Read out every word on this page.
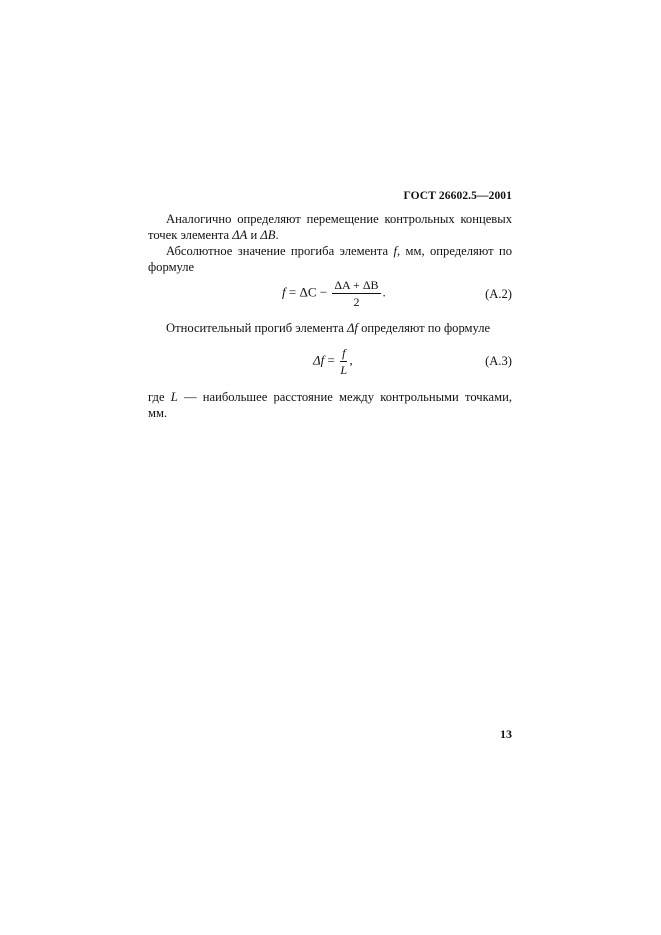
ГОСТ 26602.5—2001
Аналогично определяют перемещение контрольных концевых точек элемента ΔA и ΔB.
Абсолютное значение прогиба элемента f, мм, определяют по формуле
$f = \Delta C - \frac{\Delta A + \Delta B}{2}$ .	(А.2)
Относительный прогиб элемента Δf определяют по формуле
$\Delta f = \frac{f}{L}$ ,	(А.3)
где L — наибольшее расстояние между контрольными точками, мм.
13
